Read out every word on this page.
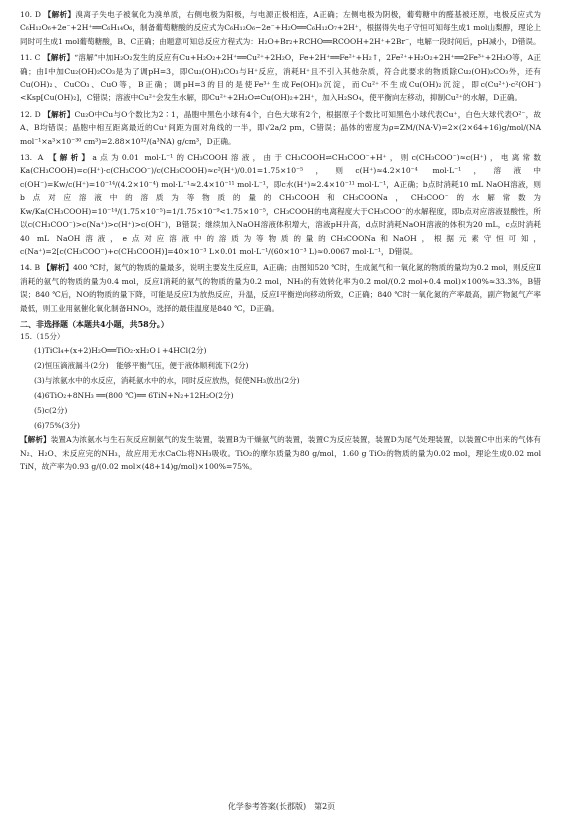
10. D 【解析】溴离子失电子被氧化为溴单质，右侧电极为阳极，与电源正极相连，A正确；左侧电极为阴极，葡萄糖中的醛基被还原，电极反应式为C₆H₁₂O₆+2e⁻+2H⁺══C₆H₁₄O₆，制备葡萄糖酸的反应式为C₆H₁₂O₆−2e⁻+H₂O══C₆H₁₂O₇+2H⁺，根据得失电子守恒可知每生成1 mol山梨醇，理论上同时可生成1 mol葡萄糖酸，B、C正确；由题意可知总反应方程式为：H₂O+Br₂+RCHO══RCOOH+2H⁺+2Br⁻，电解一段时间后，pH减小，D错误。

11. C 【解析】“溶解”中加H₂O₂发生的反应有Cu+H₂O₂+2H⁺══Cu²⁺+2H₂O，Fe+2H⁺══Fe²⁺+H₂↑，2Fe²⁺+H₂O₂+2H⁺══2Fe³⁺+2H₂O等，A正确；由Ⅰ中加Cu₂(OH)₂CO₃是为了调pH=3，即Cu₂(OH)₂CO₃与H⁺反应，消耗H⁺且不引入其他杂质，符合此要求的物质除Cu₂(OH)₂CO₃外，还有Cu(OH)₂、CuCO₃、CuO等，B正确；调pH=3的目的是使Fe³⁺生成Fe(OH)₃沉淀，而Cu²⁺不生成Cu(OH)₂沉淀，即c(Cu²⁺)·c²(OH⁻)<Ksp[Cu(OH)₂]，C错误；溶液中Cu²⁺会发生水解，即Cu²⁺+2H₂O⇌Cu(OH)₂+2H⁺，加入H₂SO₄，使平衡向左移动，抑制Cu²⁺的水解，D正确。

12. D 【解析】Cu₂O中Cu与O个数比为2∶1，晶胞中黑色小球有4个，白色大球有2个，根据原子个数比可知黑色小球代表Cu⁺，白色大球代表O²⁻，故A、B均错误；晶胞中相互距离最近的Cu⁺间距为面对角线的一半，即√2a/2 pm，C错误；晶体的密度为ρ=ZM/(NA·V)=2×(2×64+16)g/mol/(NA mol⁻¹×a³×10⁻³⁰ cm³)=2.88×10³²/(a³NA) g/cm³，D正确。

13. A 【解析】a点为0.01 mol·L⁻¹的CH₃COOH溶液，由于CH₃COOH⇌CH₃COO⁻+H⁺，则c(CH₃COO⁻)≈c(H⁺)，电离常数Ka(CH₃COOH)=c(H⁺)·c(CH₃COO⁻)/c(CH₃COOH)≈c²(H⁺)/0.01=1.75×10⁻⁵，则c(H⁺)≈4.2×10⁻⁴ mol·L⁻¹，溶液中c(OH⁻)=Kw/c(H⁺)=10⁻¹⁴/(4.2×10⁻⁴) mol·L⁻¹≈2.4×10⁻¹¹ mol·L⁻¹，即c水(H⁺)≈2.4×10⁻¹¹ mol·L⁻¹，A正确；b点时消耗10 mL NaOH溶液，则b点对应溶液中的溶质为等物质的量的CH₃COOH和CH₃COONa，CH₃COO⁻的水解常数为Kw/Ka(CH₃COOH)=10⁻¹⁴/(1.75×10⁻⁵)=1/1.75×10⁻⁹<1.75×10⁻⁵，CH₃COOH的电离程度大于CH₃COO⁻的水解程度，即b点对应溶液显酸性，所以c(CH₃COO⁻)>c(Na⁺)>c(H⁺)>c(OH⁻)，B错误；继续加入NaOH溶液体积增大，溶液pH升高，d点时消耗NaOH溶液的体积为20 mL，c点时消耗40 mL NaOH溶液，e点对应溶液中的溶质为等物质的量的CH₃COONa和NaOH，根据元素守恒可知，c(Na⁺)=2[c(CH₃COO⁻)+c(CH₃COOH)]=40×10⁻³ L×0.01 mol·L⁻¹/(60×10⁻³ L)≈0.0067 mol·L⁻¹，D错误。

14. B 【解析】400 ℃时，氮气的物质的量最多，说明主要发生反应Ⅱ，A正确；由图知520 ℃时，生成氮气和一氧化氮的物质的量均为0.2 mol，则反应Ⅱ消耗的氨气的物质的量为0.4 mol，反应Ⅰ消耗的氨气的物质的量为0.2 mol，NH₃的有效转化率为0.2 mol/(0.2 mol+0.4 mol)×100%≈33.3%，B错误；840 ℃后，NO的物质的量下降，可能是反应Ⅰ为放热反应，升温，反应Ⅰ平衡逆向移动所致，C正确；840 ℃时一氧化氮的产率最高，副产物氮气产率最低，则工业用氨催化氧化制备HNO₃，选择的最佳温度是840 ℃，D正确。

二、非选择题（本题共4小题，共58分。）

15.（15分）

(1)TiCl₄+(x+2)H₂O══TiO₂·xH₂O↓+4HCl(2分)

(2)恒压滴液漏斗(2分)　能够平衡气压，便于液体顺利流下(2分)

(3)与浓氨水中的水反应，消耗氨水中的水，同时反应放热，促使NH₃放出(2分)

(4)6TiO₂+8NH₃ ══(800 ℃)══ 6TiN+N₂+12H₂O(2分)

(5)c(2分)

(6)75%(3分)

【解析】装置A为浓氨水与生石灰反应制氨气的发生装置，装置B为干燥氨气的装置，装置C为反应装置，装置D为尾气处理装置，以装置C中出来的气体有N₂、H₂O、未反应完的NH₃，故应用无水CaCl₂将NH₃吸收。TiO₂的摩尔质量为80 g/mol，1.60 g TiO₂的物质的量为0.02 mol，理论生成0.02 mol TiN，故产率为0.93 g/(0.02 mol×(48+14)g/mol)×100%=75%。

化学参考答案(长郡版)　第2页
